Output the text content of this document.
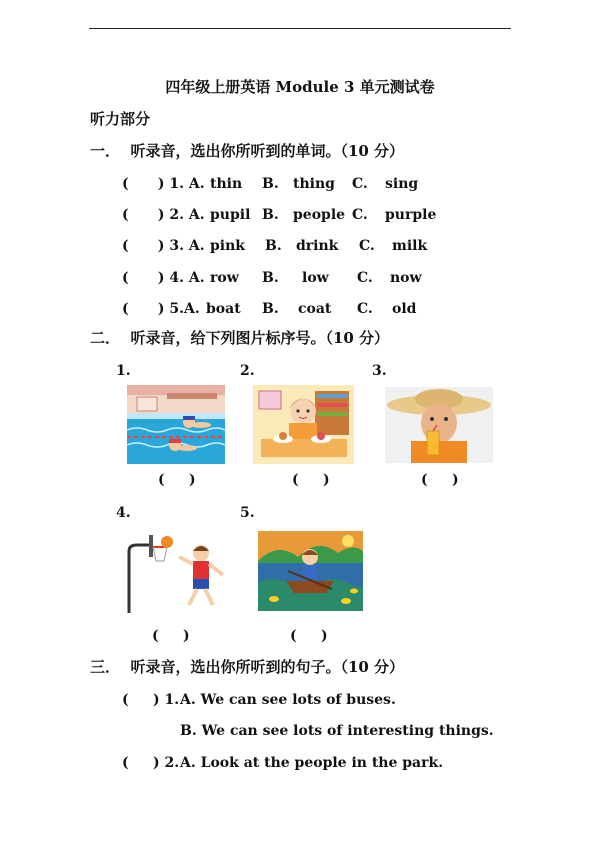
四年级上册英语 Module 3 单元测试卷
听力部分
一．  听录音，选出你所听到的单词。（10 分）
(      ) 1. A. thin B. thing C. sing
(      ) 2. A. pupil B. people C. purple
(      ) 3. A. pink B. drink C. milk
(      ) 4. A. row B. low C. now
(      ) 5.A. boat B. coat C. old
二．  听录音，给下列图片标序号。（10 分）
1.	2.	3.
4.	5.
(     )	(     )	(     )
(     )	(     )
三．  听录音，选出你所听到的句子。（10 分）
(     ) 1. A. We can see lots of buses.
B. We can see lots of interesting things.
(     ) 2. A. Look at the people in the park.
